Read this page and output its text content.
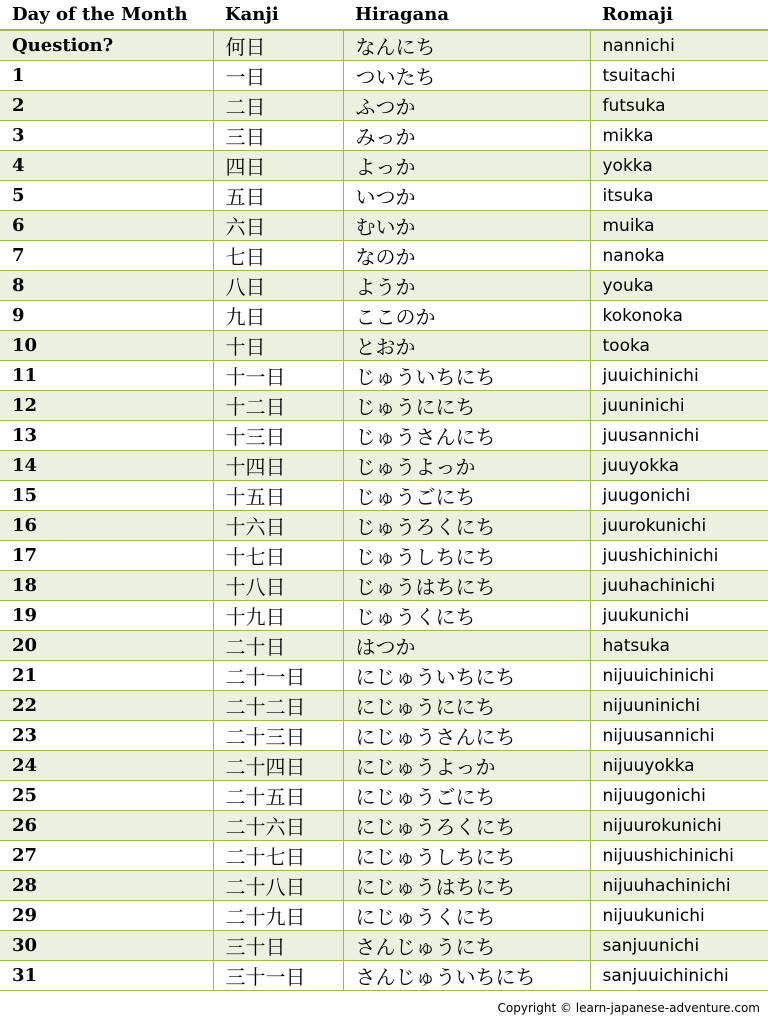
Day of the Month	Kanji	Hiragana	Romaji
Question?	何日	なんにち	nannichi
1	一日	ついたち	tsuitachi
2	二日	ふつか	futsuka
3	三日	みっか	mikka
4	四日	よっか	yokka
5	五日	いつか	itsuka
6	六日	むいか	muika
7	七日	なのか	nanoka
8	八日	ようか	youka
9	九日	ここのか	kokonoka
10	十日	とおか	tooka
11	十一日	じゅういちにち	juuichinichi
12	十二日	じゅうににち	juuninichi
13	十三日	じゅうさんにち	juusannichi
14	十四日	じゅうよっか	juuyokka
15	十五日	じゅうごにち	juugonichi
16	十六日	じゅうろくにち	juurokunichi
17	十七日	じゅうしちにち	juushichinichi
18	十八日	じゅうはちにち	juuhachinichi
19	十九日	じゅうくにち	juukunichi
20	二十日	はつか	hatsuka
21	二十一日	にじゅういちにち	nijuuichinichi
22	二十二日	にじゅうににち	nijuuninichi
23	二十三日	にじゅうさんにち	nijuusannichi
24	二十四日	にじゅうよっか	nijuuyokka
25	二十五日	にじゅうごにち	nijuugonichi
26	二十六日	にじゅうろくにち	nijuurokunichi
27	二十七日	にじゅうしちにち	nijuushichinichi
28	二十八日	にじゅうはちにち	nijuuhachinichi
29	二十九日	にじゅうくにち	nijuukunichi
30	三十日	さんじゅうにち	sanjuunichi
31	三十一日	さんじゅういちにち	sanjuuichinichi
Copyright © learn-japanese-adventure.com
